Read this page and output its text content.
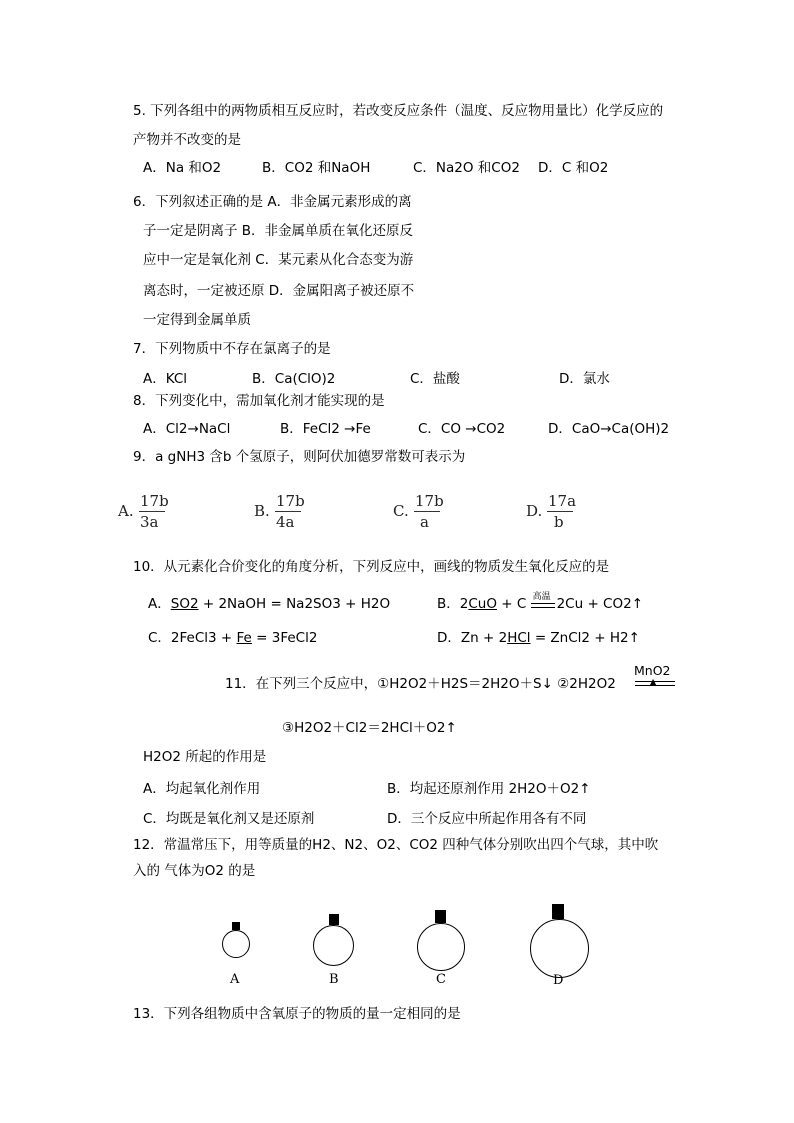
5. 下列各组中的两物质相互反应时，若改变反应条件（温度、反应物用量比）化学反应的
产物并不改变的是
A．Na 和O2	B．CO2 和NaOH	C．Na2O 和CO2 D．C 和O2
6．下列叙述正确的是 A．非金属元素形成的离
子一定是阴离子 B．非金属单质在氧化还原反
应中一定是氧化剂 C．某元素从化合态变为游
离态时，一定被还原 D．金属阳离子被还原不
一定得到金属单质
7．下列物质中不存在氯离子的是
A．KCl	B．Ca(ClO)2	C．盐酸	D．氯水
8．下列变化中，需加氧化剂才能实现的是
A．Cl2→NaCl	B．FeCl2 →Fe	C．CO →CO2	D．CaO→Ca(OH)2
9．a gNH3 含b 个氢原子，则阿伏加德罗常数可表示为
A.
17b
3a
B.
17b
4a
C.
17b
a
D.
17a
b
10．从元素化合价变化的角度分析，下列反应中，画线的物质发生氧化反应的是
A．SO2 + 2NaOH = Na2SO3 + H2O	B．2CuO + C 高温 2Cu + CO2↑
C．2FeCl3 + Fe = 3FeCl2	D．Zn + 2HCl = ZnCl2 + H2↑
11．在下列三个反应中，①H2O2＋H2S＝2H2O＋S↓ ②2H2O2
MnO2
▲
③H2O2＋Cl2＝2HCl＋O2↑
H2O2 所起的作用是
A．均起氧化剂作用	B．均起还原剂作用 2H2O＋O2↑
C．均既是氧化剂又是还原剂	D．三个反应中所起作用各有不同
12．常温常压下，用等质量的H2、N2、O2、CO2 四种气体分别吹出四个气球，其中吹
入的 气体为O2 的是
A	B	C	D
13．下列各组物质中含氧原子的物质的量一定相同的是
